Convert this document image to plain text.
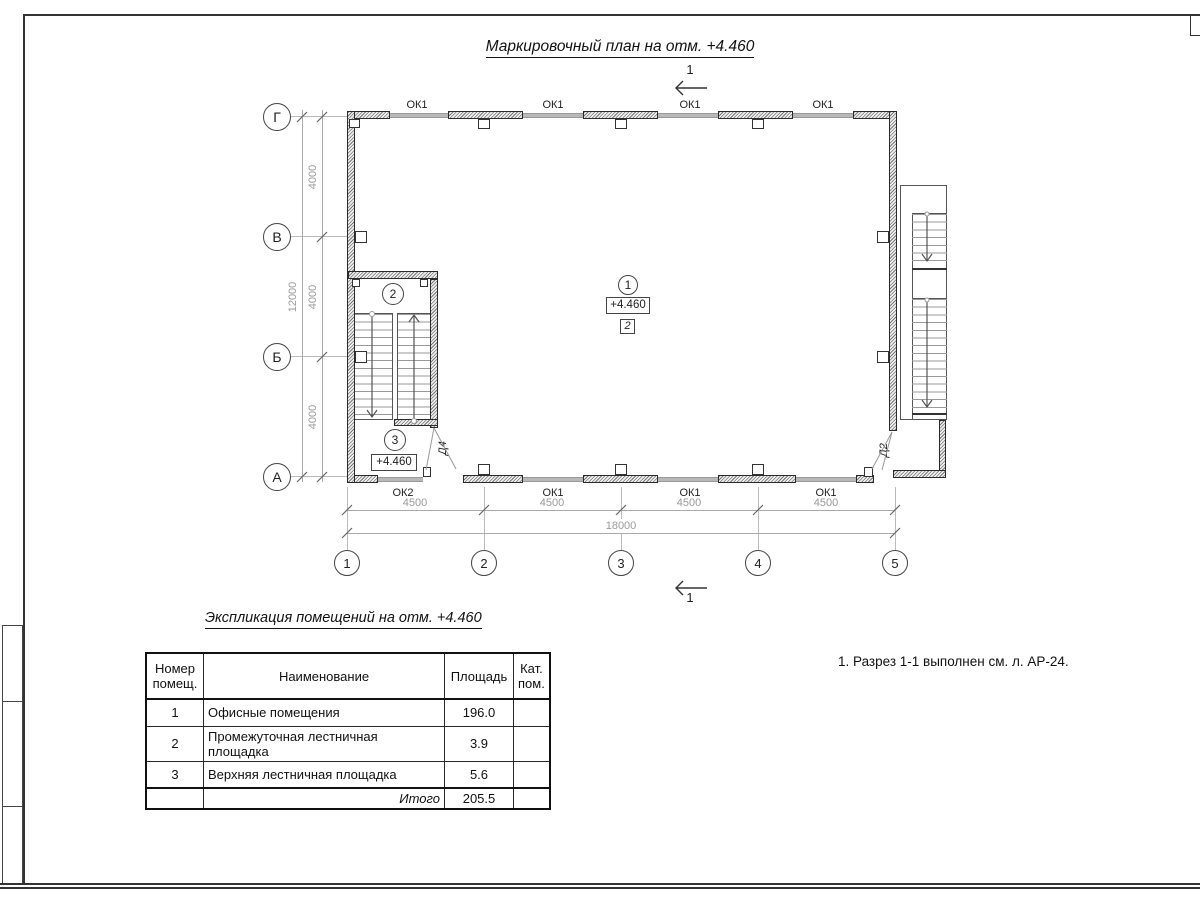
Маркировочный план на отм. +4.460
ОК1	ОК1	ОК1	ОК1
ОК2	ОК1	ОК1	ОК1
Д4	Д2
1
+4.460
2
2
3
+4.460
Г
В
Б
А
1	2	3	4	5
4000
4000
4000
12000
4500	4500	4500	4500
18000
1
1
Экспликация помещений на отм. +4.460
Номер помещ.	Наименование	Площадь	Кат. пом.
1	Офисные помещения	196.0	
2	Промежуточная лестничная площадка	3.9	
3	Верхняя лестничная площадка	5.6	
	Итого	205.5	
1. Разрез 1-1 выполнен см. л. АР-24.
